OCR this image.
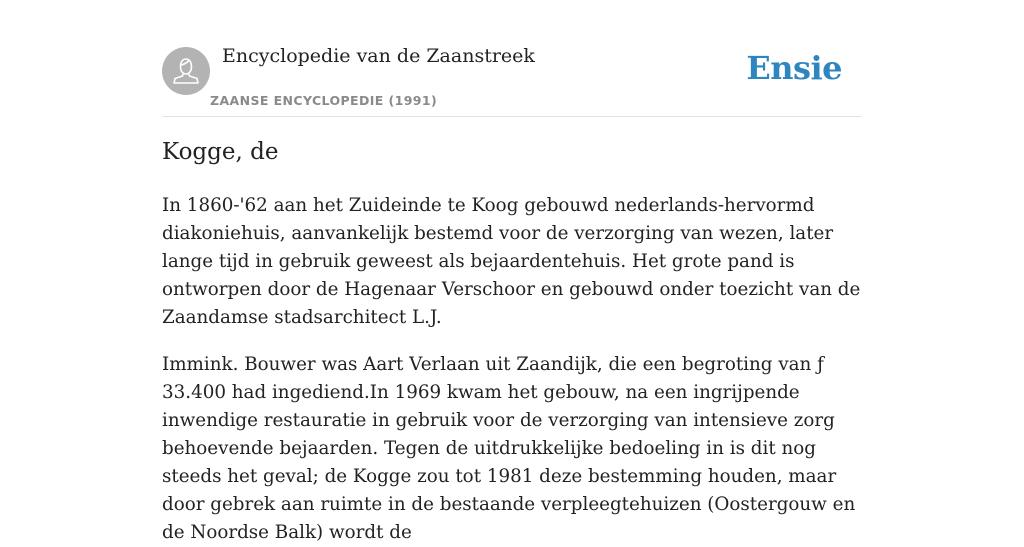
Encyclopedie van de Zaanstreek
ZAANSE ENCYCLOPEDIE (1991)
Ensie
Kogge, de

In 1860-'62 aan het Zuideinde te Koog gebouwd nederlands-hervormd diakoniehuis, aanvankelijk bestemd voor de verzorging van wezen, later lange tijd in gebruik geweest als bejaardentehuis. Het grote pand is ontworpen door de Hagenaar Verschoor en gebouwd onder toezicht van de Zaandamse stadsarchitect L.J.

Immink. Bouwer was Aart Verlaan uit Zaandijk, die een begroting van ƒ 33.400 had ingediend.In 1969 kwam het gebouw, na een ingrijpende inwendige restauratie in gebruik voor de verzorging van intensieve zorg behoevende bejaarden. Tegen de uitdrukkelijke bedoeling in is dit nog steeds het geval; de Kogge zou tot 1981 deze bestemming houden, maar door gebrek aan ruimte in de bestaande verpleegtehuizen (Oostergouw en de Noordse Balk) wordt de
